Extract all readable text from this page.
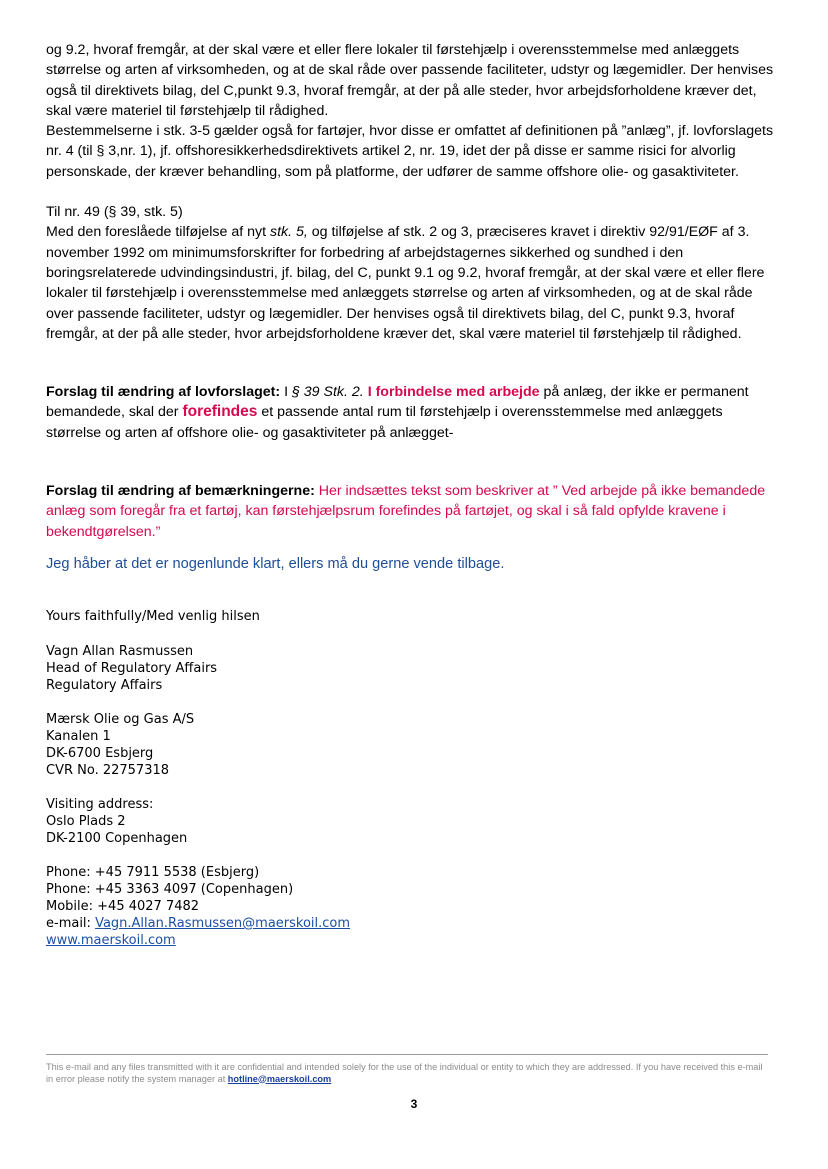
og 9.2, hvoraf fremgår, at der skal være et eller flere lokaler til førstehjælp i overensstemmelse med anlæggets størrelse og arten af virksomheden, og at de skal råde over passende faciliteter, udstyr og lægemidler. Der henvises også til direktivets bilag, del C,punkt 9.3, hvoraf fremgår, at der på alle steder, hvor arbejdsforholdene kræver det, skal være materiel til førstehjælp til rådighed.

Bestemmelserne i stk. 3-5 gælder også for fartøjer, hvor disse er omfattet af definitionen på ”anlæg”, jf. lovforslagets nr. 4 (til § 3,nr. 1), jf. offshoresikkerhedsdirektivets artikel 2, nr. 19, idet der på disse er samme risici for alvorlig personskade, der kræver behandling, som på platforme, der udfører de samme offshore olie- og gasaktiviteter.

Til nr. 49 (§ 39, stk. 5)

Med den foreslåede tilføjelse af nyt stk. 5, og tilføjelse af stk. 2 og 3, præciseres kravet i direktiv 92/91/EØF af 3. november 1992 om minimumsforskrifter for forbedring af arbejdstagernes sikkerhed og sundhed i den boringsrelaterede udvindingsindustri, jf. bilag, del C, punkt 9.1 og 9.2, hvoraf fremgår, at der skal være et eller flere lokaler til førstehjælp i overensstemmelse med anlæggets størrelse og arten af virksomheden, og at de skal råde over passende faciliteter, udstyr og lægemidler. Der henvises også til direktivets bilag, del C, punkt 9.3, hvoraf fremgår, at der på alle steder, hvor arbejdsforholdene kræver det, skal være materiel til førstehjælp til rådighed.

Forslag til ændring af lovforslaget: I § 39 Stk. 2. I forbindelse med arbejde på anlæg, der ikke er permanent bemandede, skal der forefindes et passende antal rum til førstehjælp i overensstemmelse med anlæggets størrelse og arten af offshore olie- og gasaktiviteter på anlægget-

Forslag til ændring af bemærkningerne: Her indsættes tekst som beskriver at ” Ved arbejde på ikke bemandede anlæg som foregår fra et fartøj, kan førstehjælpsrum forefindes på fartøjet, og skal i så fald opfylde kravene i bekendtgørelsen.”

Jeg håber at det er nogenlunde klart, ellers må du gerne vende tilbage.

Yours faithfully/Med venlig hilsen

Vagn Allan Rasmussen

Head of Regulatory Affairs

Regulatory Affairs

Mærsk Olie og Gas A/S

Kanalen 1

DK-6700 Esbjerg

CVR No. 22757318

Visiting address:

Oslo Plads 2

DK-2100 Copenhagen

Phone: +45 7911 5538 (Esbjerg)

Phone: +45 3363 4097 (Copenhagen)

Mobile: +45 4027 7482

e-mail: Vagn.Allan.Rasmussen@maerskoil.com

www.maerskoil.com

This e-mail and any files transmitted with it are confidential and intended solely for the use of the individual or entity to which they are addressed. If you have received this e-mail in error please notify the system manager at hotline@maerskoil.com

3
